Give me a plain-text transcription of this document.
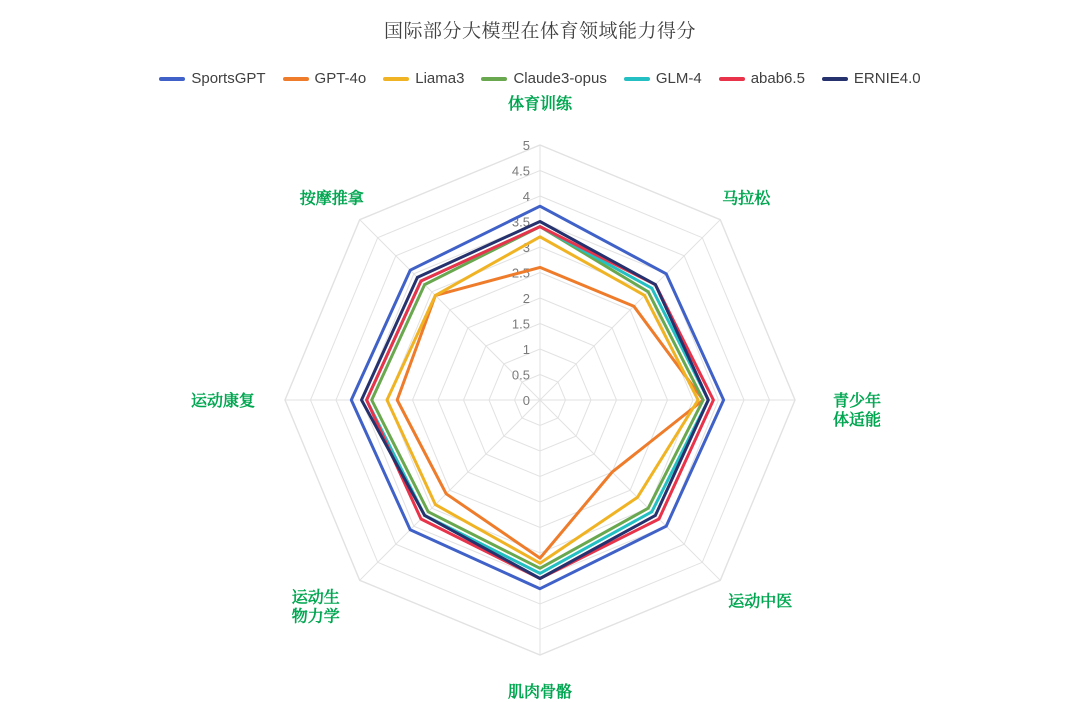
国际部分大模型在体育领域能力得分
SportsGPT	GPT-4o	Liama3	Claude3-opus	GLM-4	abab6.5	ERNIE4.0
0
0.5
1
1.5
2
2.5
3
3.5
4
4.5
5
体育训练
马拉松
青少年体适能
运动中医
肌肉骨骼
运动生物力学
运动康复
按摩推拿
